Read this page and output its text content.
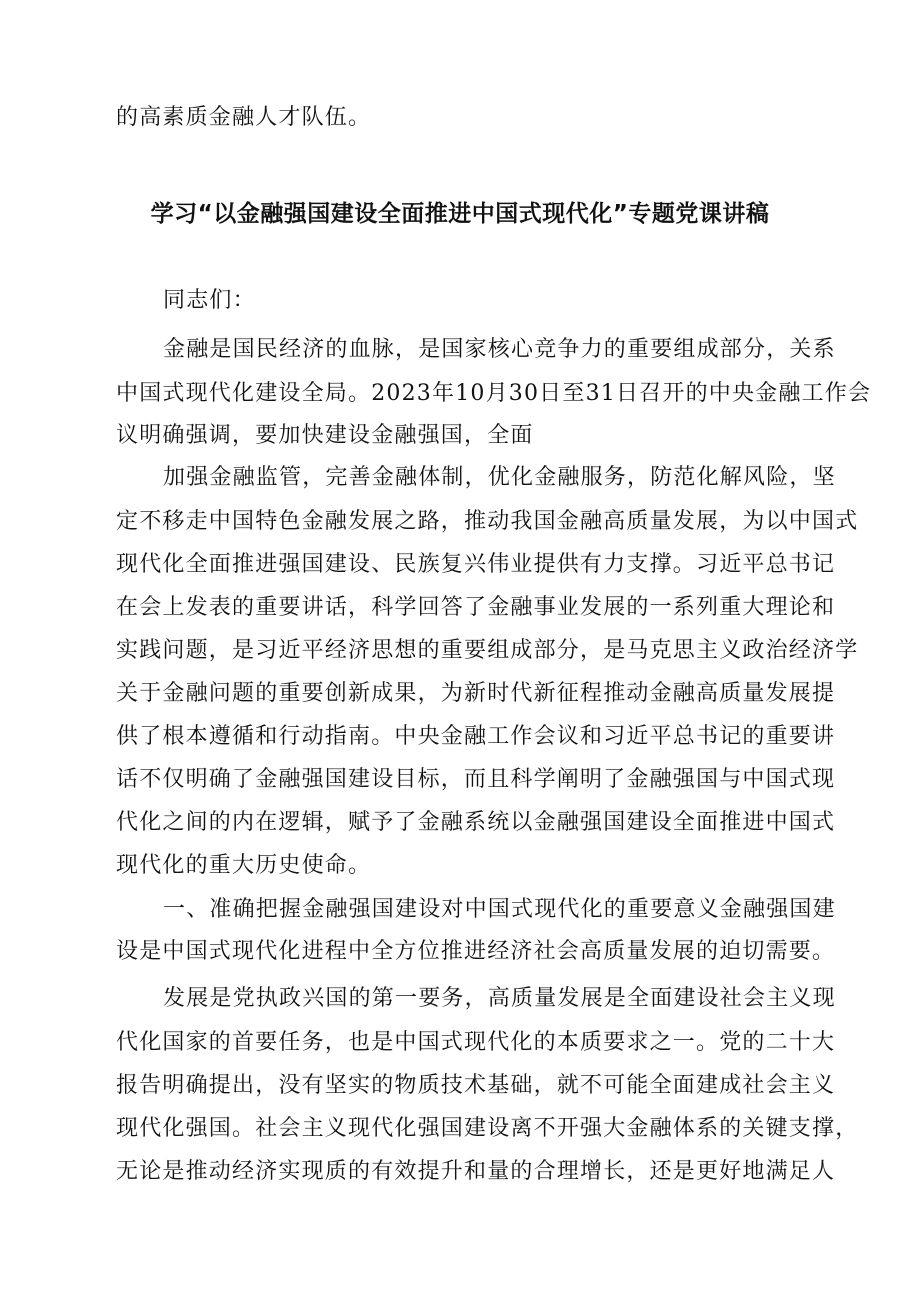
的高素质金融人才队伍。

学习“以金融强国建设全面推进中国式现代化”专题党课讲稿

同志们：

金融是国民经济的血脉，是国家核心竞争力的重要组成部分，关系

中国式现代化建设全局。2023年10月30日至31日召开的中央金融工作会

议明确强调，要加快建设金融强国，全面

加强金融监管，完善金融体制，优化金融服务，防范化解风险，坚

定不移走中国特色金融发展之路，推动我国金融高质量发展，为以中国式

现代化全面推进强国建设、民族复兴伟业提供有力支撑。习近平总书记

在会上发表的重要讲话，科学回答了金融事业发展的一系列重大理论和

实践问题，是习近平经济思想的重要组成部分，是马克思主义政治经济学

关于金融问题的重要创新成果，为新时代新征程推动金融高质量发展提

供了根本遵循和行动指南。中央金融工作会议和习近平总书记的重要讲

话不仅明确了金融强国建设目标，而且科学阐明了金融强国与中国式现

代化之间的内在逻辑，赋予了金融系统以金融强国建设全面推进中国式

现代化的重大历史使命。

一、准确把握金融强国建设对中国式现代化的重要意义金融强国建

设是中国式现代化进程中全方位推进经济社会高质量发展的迫切需要。

发展是党执政兴国的第一要务，高质量发展是全面建设社会主义现

代化国家的首要任务，也是中国式现代化的本质要求之一。党的二十大

报告明确提出，没有坚实的物质技术基础，就不可能全面建成社会主义

现代化强国。社会主义现代化强国建设离不开强大金融体系的关键支撑，

无论是推动经济实现质的有效提升和量的合理增长，还是更好地满足人
